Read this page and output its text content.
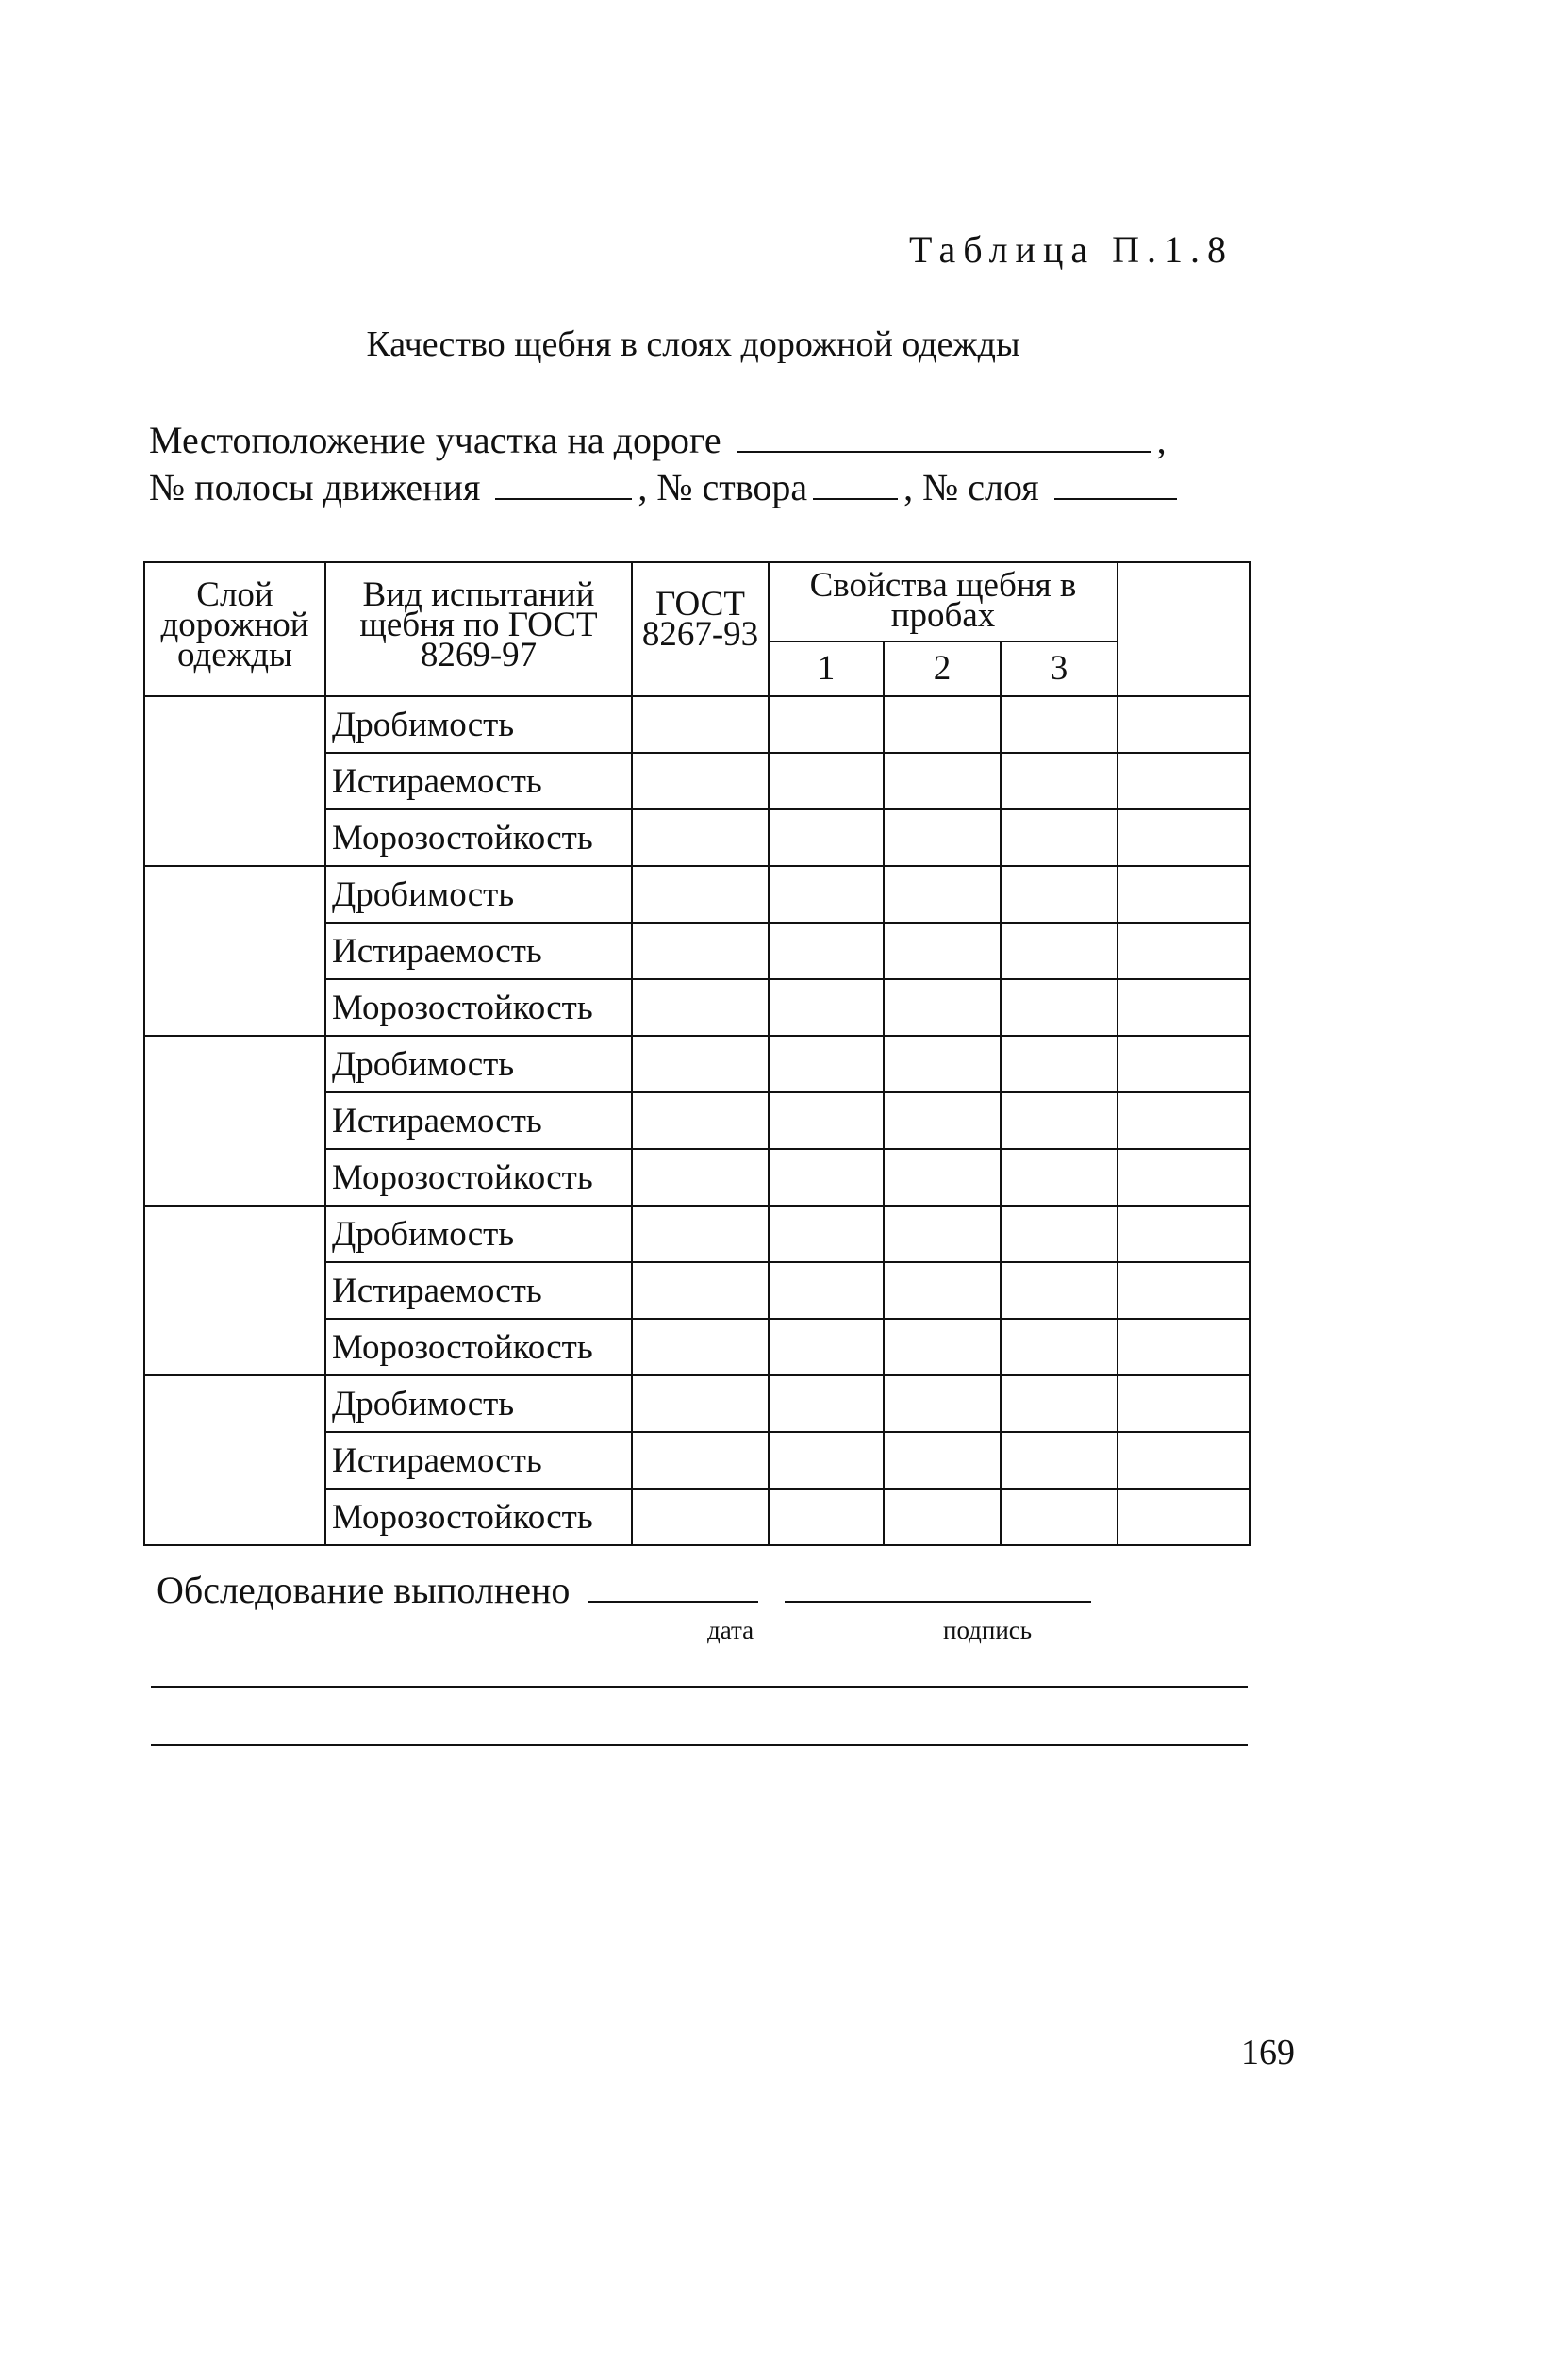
Таблица П.1.8
Качество щебня в слоях дорожной одежды
Местоположение участка на дороге	,
№ полосы движения	, № створа	, № слоя
Слой дорожной одежды	Вид испытаний щебня по ГОСТ 8269-97	ГОСТ 8267-93	Свойства щебня в пробах			
			1	2	3	
	Дробимость					
	Истираемость					
	Морозостойкость					
	Дробимость					
	Истираемость					
	Морозостойкость					
	Дробимость					
	Истираемость					
	Морозостойкость					
	Дробимость					
	Истираемость					
	Морозостойкость					
	Дробимость					
	Истираемость					
	Морозостойкость					
Обследование выполнено
дата	подпись
169
